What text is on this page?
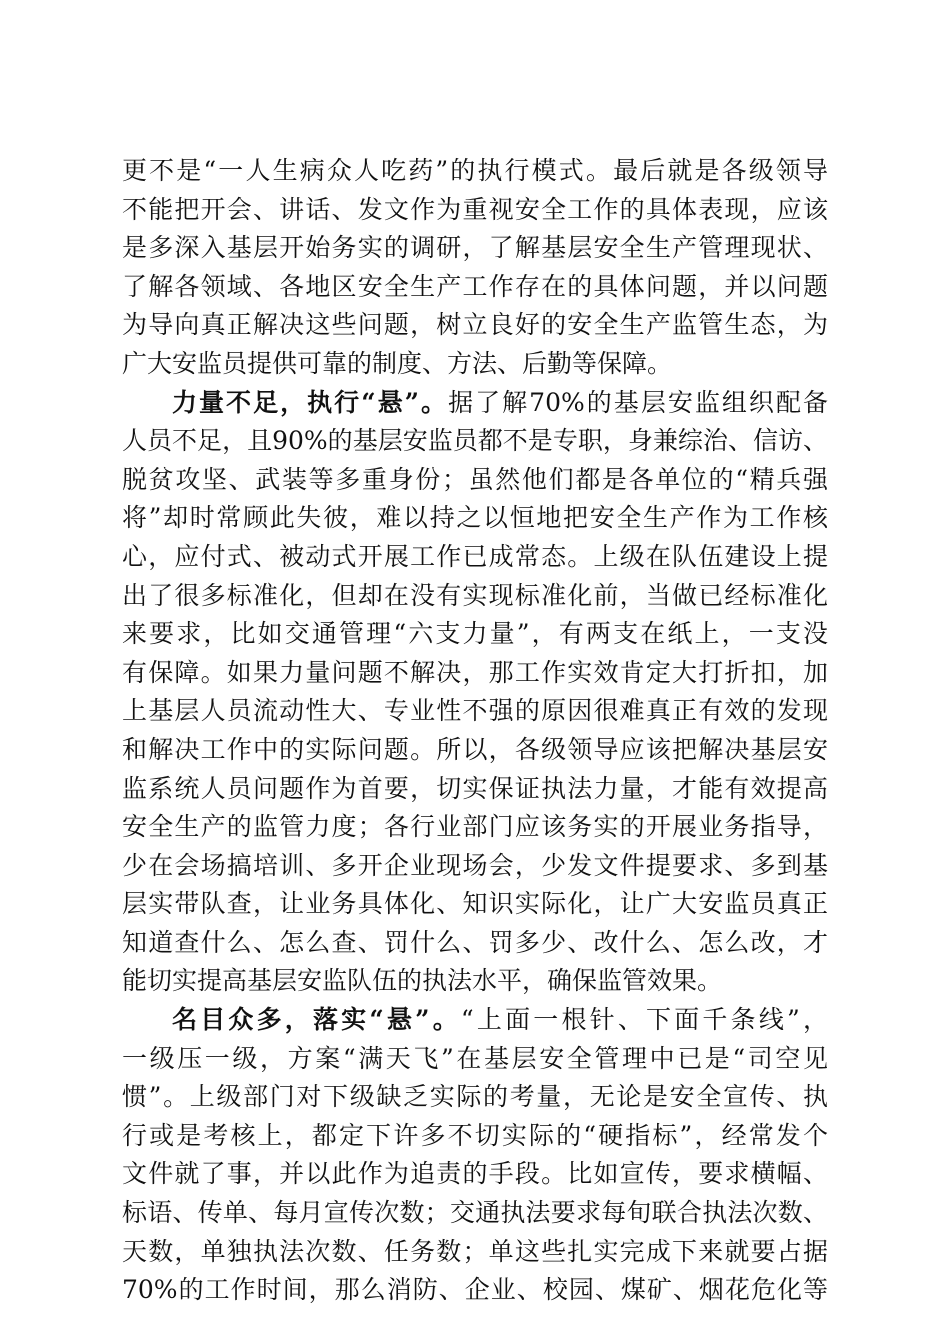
更不是“一人生病众人吃药”的执行模式。最后就是各级领导
不能把开会、讲话、发文作为重视安全工作的具体表现，应该
是多深入基层开始务实的调研，了解基层安全生产管理现状、
了解各领域、各地区安全生产工作存在的具体问题，并以问题
为导向真正解决这些问题，树立良好的安全生产监管生态，为
广大安监员提供可靠的制度、方法、后勤等保障。
力量不足，执行“悬”。据了解70%的基层安监组织配备
人员不足，且90%的基层安监员都不是专职，身兼综治、信访、
脱贫攻坚、武装等多重身份；虽然他们都是各单位的“精兵强
将”却时常顾此失彼，难以持之以恒地把安全生产作为工作核
心，应付式、被动式开展工作已成常态。上级在队伍建设上提
出了很多标准化，但却在没有实现标准化前，当做已经标准化
来要求，比如交通管理“六支力量”，有两支在纸上，一支没
有保障。如果力量问题不解决，那工作实效肯定大打折扣，加
上基层人员流动性大、专业性不强的原因很难真正有效的发现
和解决工作中的实际问题。所以，各级领导应该把解决基层安
监系统人员问题作为首要，切实保证执法力量，才能有效提高
安全生产的监管力度；各行业部门应该务实的开展业务指导，
少在会场搞培训、多开企业现场会，少发文件提要求、多到基
层实带队查，让业务具体化、知识实际化，让广大安监员真正
知道查什么、怎么查、罚什么、罚多少、改什么、怎么改，才
能切实提高基层安监队伍的执法水平，确保监管效果。
名目众多，落实“悬”。“上面一根针、下面千条线”，
一级压一级，方案“满天飞”在基层安全管理中已是“司空见
惯”。上级部门对下级缺乏实际的考量，无论是安全宣传、执
行或是考核上，都定下许多不切实际的“硬指标”，经常发个
文件就了事，并以此作为追责的手段。比如宣传，要求横幅、
标语、传单、每月宣传次数；交通执法要求每旬联合执法次数、
天数，单独执法次数、任务数；单这些扎实完成下来就要占据
70%的工作时间，那么消防、企业、校园、煤矿、烟花危化等
